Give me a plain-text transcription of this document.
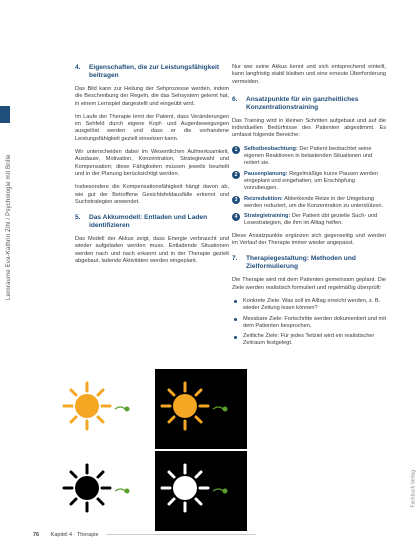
Lernraume Eva-Kathrin Zihl / Psychologie mit Brille
Fachbuch Verlag
4.	Eigenschaften, die zur Leistungsfähigkeit beitragen

Das Bild kann zur Heilung der Sehprozesse werden, indem die Beschreibung der Regeln, die das Sehsystem gelernt hat, in einem Lernspiel dargestellt und eingeübt wird.

Im Laufe der Therapie lernt der Patient, dass Veränderungen im Sehfeld durch eigene Kopf- und Augenbewegungen ausgelöst werden und dass er die vorhandene Leistungsfähigkeit gezielt einsetzen kann.

Wir unterscheiden dabei im Wesentlichen Aufmerksamkeit, Ausdauer, Motivation, Konzentration, Strategiewahl und Kompensation; diese Fähigkeiten müssen jeweils beurteilt und in der Planung berücksichtigt werden.

Insbesondere die Kompensationsfähigkeit hängt davon ab, wie gut der Betroffene Gesichtsfeldausfälle erkennt und Suchstrategien anwendet.

5.	Das Akkumodell: Entladen und Laden identifizieren

Das Modell der Akkus zeigt, dass Energie verbraucht und wieder aufgeladen werden muss. Entladende Situationen werden nach und nach erkannt und in der Therapie gezielt abgebaut, ladende Aktivitäten werden eingeplant.

Nur wer seine Akkus kennt und sich entsprechend einteilt, kann langfristig stabil bleiben und eine erneute Überforderung vermeiden.

6.	Ansatzpunkte für ein ganzheitliches Konzentrationstraining

Das Training wird in kleinen Schritten aufgebaut und auf die individuellen Bedürfnisse des Patienten abgestimmt. Es umfasst folgende Bereiche:

1	Selbstbeobachtung: Der Patient beobachtet seine eigenen Reaktionen in belastenden Situationen und notiert sie.
2	Pausenplanung: Regelmäßige kurze Pausen werden eingeplant und eingehalten, um Erschöpfung vorzubeugen.
3	Reizreduktion: Ablenkende Reize in der Umgebung werden reduziert, um die Konzentration zu unterstützen.
4	Strategietraining: Der Patient übt gezielte Such- und Lesestrategien, die ihm im Alltag helfen.

Diese Ansatzpunkte ergänzen sich gegenseitig und werden im Verlauf der Therapie immer wieder angepasst.

7.	Therapiegestaltung: Methoden und Zielformulierung

Die Therapie wird mit dem Patienten gemeinsam geplant. Die Ziele werden realistisch formuliert und regelmäßig überprüft:

Konkrete Ziele: Was soll im Alltag erreicht werden, z. B. wieder Zeitung lesen können?
Messbare Ziele: Fortschritte werden dokumentiert und mit dem Patienten besprochen.
Zeitliche Ziele: Für jedes Teilziel wird ein realistischer Zeitraum festgelegt.
76 Kapitel 4 · Therapie
